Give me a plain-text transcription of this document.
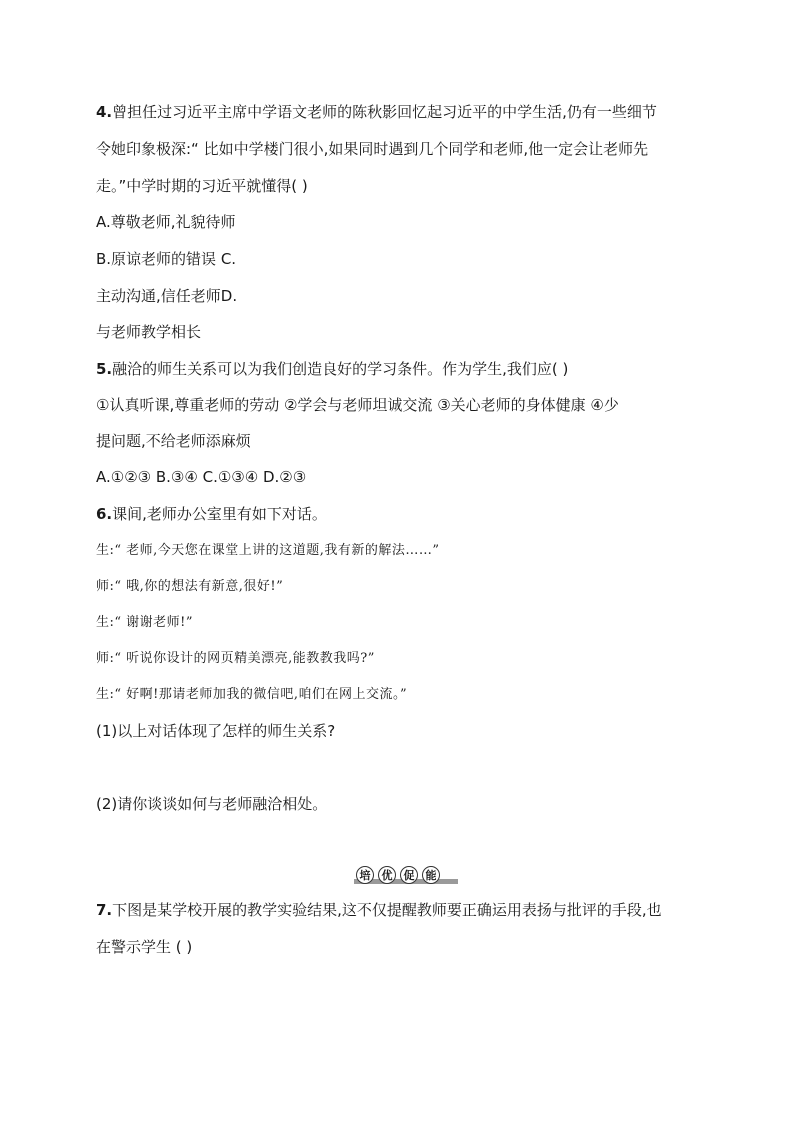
4.曾担任过习近平主席中学语文老师的陈秋影回忆起习近平的中学生活,仍有一些细节
令她印象极深:“ 比如中学楼门很小,如果同时遇到几个同学和老师,他一定会让老师先
走。”中学时期的习近平就懂得( )
A.尊敬老师,礼貌待师
B.原谅老师的错误 C.
主动沟通,信任老师D.
与老师教学相长
5.融洽的师生关系可以为我们创造良好的学习条件。作为学生,我们应( )
①认真听课,尊重老师的劳动 ②学会与老师坦诚交流 ③关心老师的身体健康 ④少
提问题,不给老师添麻烦
A.①②③ B.③④ C.①③④ D.②③
6.课间,老师办公室里有如下对话。
生:“ 老师,今天您在课堂上讲的这道题,我有新的解法……”
师:“ 哦,你的想法有新意,很好!”
生:“ 谢谢老师!”
师:“ 听说你设计的网页精美漂亮,能教教我吗?”
生:“ 好啊!那请老师加我的微信吧,咱们在网上交流。”
(1)以上对话体现了怎样的师生关系?
(2)请你谈谈如何与老师融洽相处。
培	优	促	能
7.下图是某学校开展的教学实验结果,这不仅提醒教师要正确运用表扬与批评的手段,也
在警示学生 ( )
